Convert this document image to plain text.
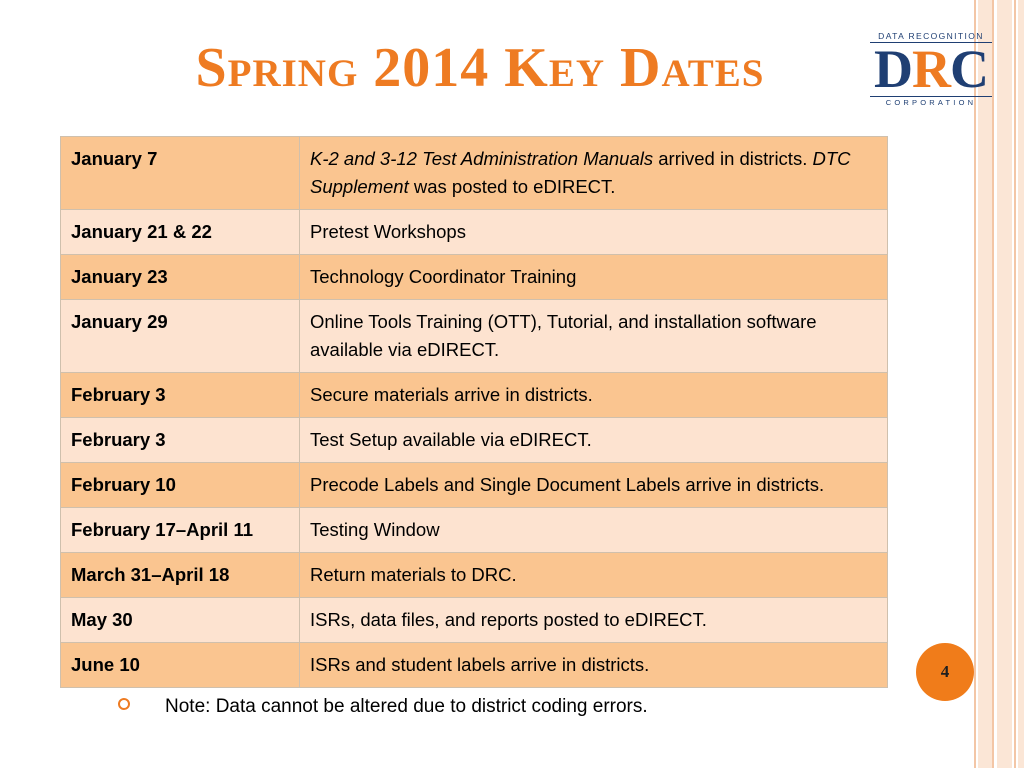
Spring 2014 Key Dates
DATA RECOGNITION
DRC
CORPORATION
January 7	K-2 and 3-12 Test Administration Manuals arrived in districts. DTC Supplement was posted to eDIRECT.
January 21 & 22	Pretest Workshops
January 23	Technology Coordinator Training
January 29	Online Tools Training (OTT), Tutorial, and installation software available via eDIRECT.
February 3	Secure materials arrive in districts.
February 3	Test Setup available via eDIRECT.
February 10	Precode Labels and Single Document Labels arrive in districts.
February 17–April 11	Testing Window
March 31–April 18	Return materials to DRC.
May 30	ISRs, data files, and reports posted to eDIRECT.
June 10	ISRs and student labels arrive in districts.
Note: Data cannot be altered due to district coding errors.
4
